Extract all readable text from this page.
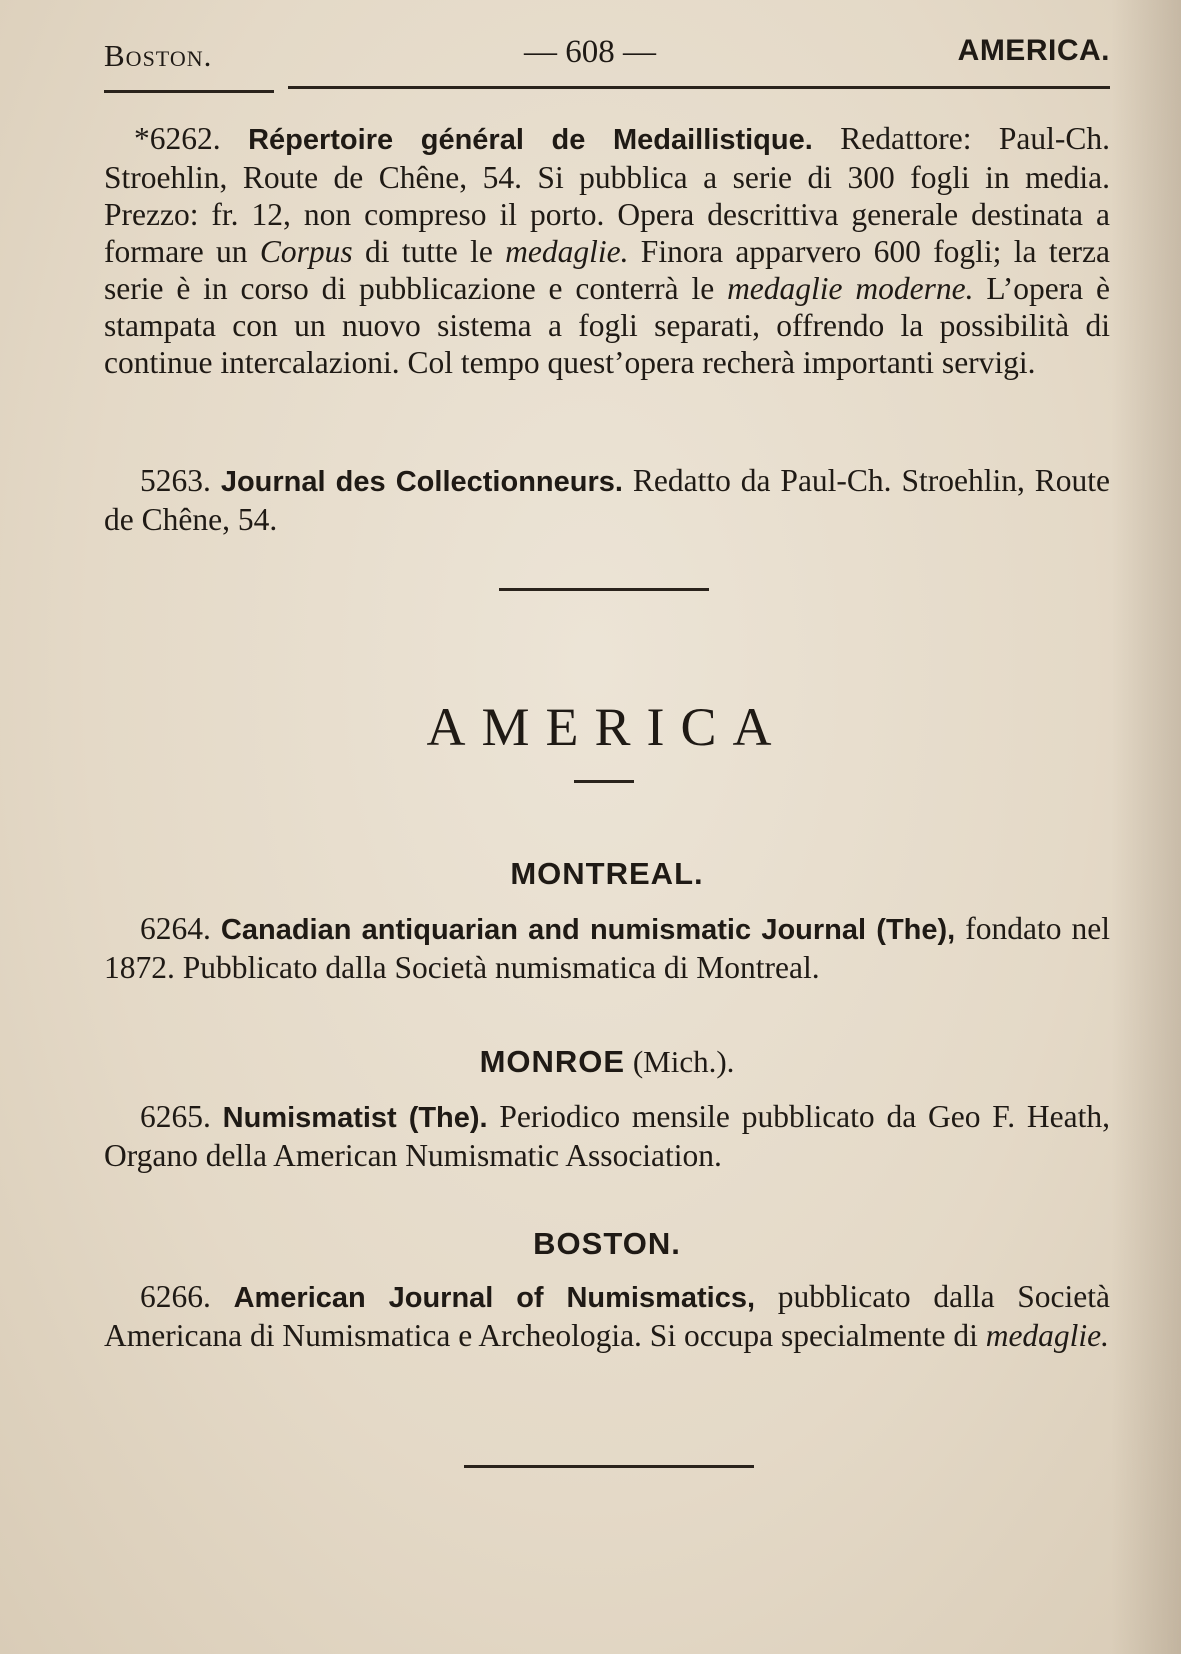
Boston.	— 608 —	AMERICA.

*6262. Répertoire général de Medaillistique. Redattore: Paul-Ch. Stroehlin, Route de Chêne, 54. Si pubblica a serie di 300 fogli in media. Prezzo: fr. 12, non compreso il porto. Opera descrittiva generale destinata a formare un Corpus di tutte le medaglie. Finora apparvero 600 fogli; la terza serie è in corso di pubblicazione e conterrà le medaglie moderne. L’opera è stampata con un nuovo sistema a fogli separati, offrendo la possibilità di continue intercalazioni. Col tempo quest’opera recherà importanti servigi.

5263. Journal des Collectionneurs. Redatto da Paul-Ch. Stroehlin, Route de Chêne, 54.

AMERICA
MONTREAL.

6264. Canadian antiquarian and numismatic Journal (The), fondato nel 1872. Pubblicato dalla Società numismatica di Montreal.

MONROE (Mich.).

6265. Numismatist (The). Periodico mensile pubblicato da Geo F. Heath, Organo della American Numismatic Association.

BOSTON.

6266. American Journal of Numismatics, pubblicato dalla Società Americana di Numismatica e Archeologia. Si occupa specialmente di medaglie.
